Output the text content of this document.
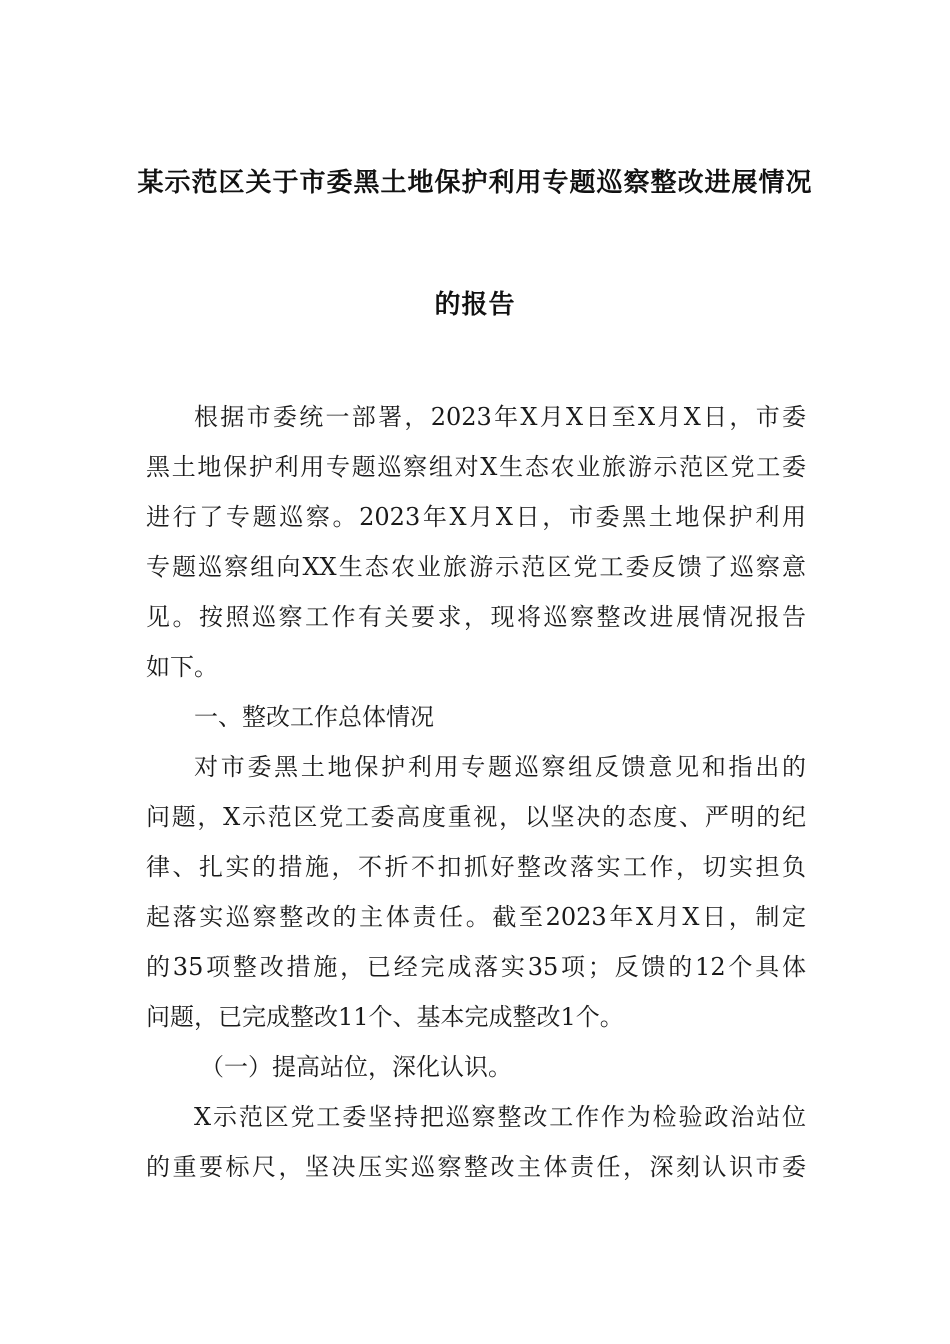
某示范区关于市委黑土地保护利用专题巡察整改进展情况
的报告
根据市委统一部署，2023年X月X日至X月X日，市委
黑土地保护利用专题巡察组对X生态农业旅游示范区党工委
进行了专题巡察。2023年X月X日，市委黑土地保护利用
专题巡察组向XX生态农业旅游示范区党工委反馈了巡察意
见。按照巡察工作有关要求，现将巡察整改进展情况报告
如下。
一、整改工作总体情况
对市委黑土地保护利用专题巡察组反馈意见和指出的
问题，X示范区党工委高度重视，以坚决的态度、严明的纪
律、扎实的措施，不折不扣抓好整改落实工作，切实担负
起落实巡察整改的主体责任。截至2023年X月X日，制定
的35项整改措施，已经完成落实35项；反馈的12个具体
问题，已完成整改11个、基本完成整改1个。
（一）提高站位，深化认识。
X示范区党工委坚持把巡察整改工作作为检验政治站位
的重要标尺，坚决压实巡察整改主体责任，深刻认识市委
